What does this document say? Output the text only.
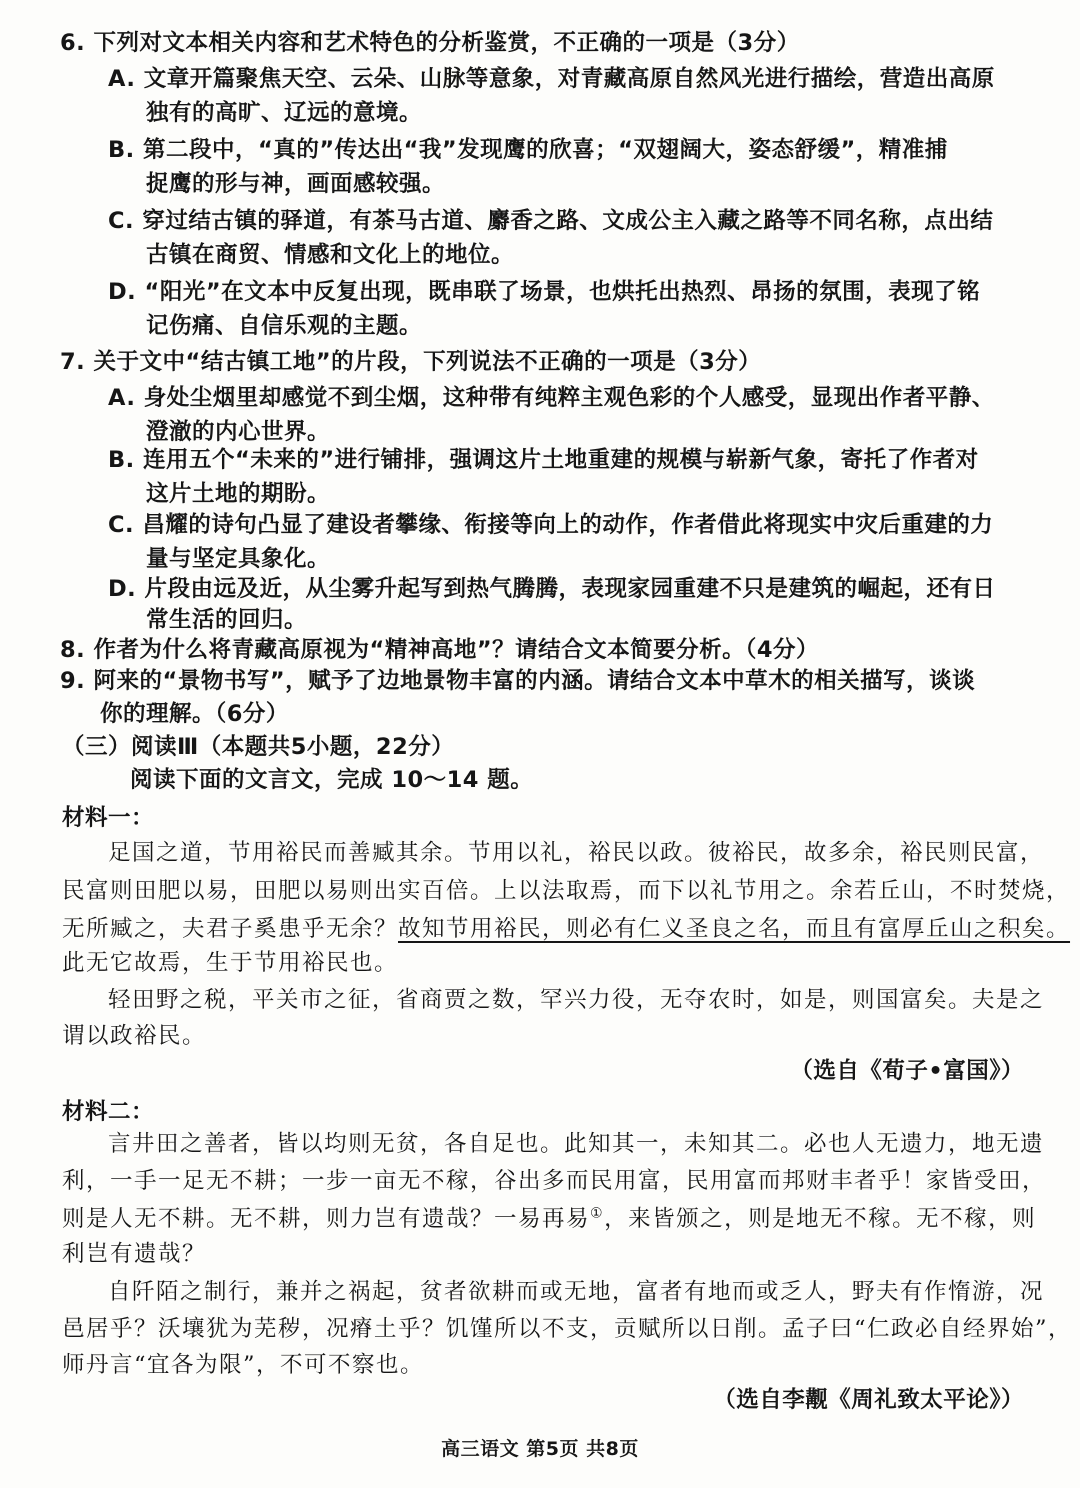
6. 下列对文本相关内容和艺术特色的分析鉴赏，不正确的一项是（3分）
A. 文章开篇聚焦天空、云朵、山脉等意象，对青藏高原自然风光进行描绘，营造出高原
独有的高旷、辽远的意境。
B. 第二段中，“真的”传达出“我”发现鹰的欣喜；“双翅阔大，姿态舒缓”，精准捕
捉鹰的形与神，画面感较强。
C. 穿过结古镇的驿道，有茶马古道、麝香之路、文成公主入藏之路等不同名称，点出结
古镇在商贸、情感和文化上的地位。
D. “阳光”在文本中反复出现，既串联了场景，也烘托出热烈、昂扬的氛围，表现了铭
记伤痛、自信乐观的主题。
7. 关于文中“结古镇工地”的片段，下列说法不正确的一项是（3分）
A. 身处尘烟里却感觉不到尘烟，这种带有纯粹主观色彩的个人感受，显现出作者平静、
澄澈的内心世界。
B. 连用五个“未来的”进行铺排，强调这片土地重建的规模与崭新气象，寄托了作者对
这片土地的期盼。
C. 昌耀的诗句凸显了建设者攀缘、衔接等向上的动作，作者借此将现实中灾后重建的力
量与坚定具象化。
D. 片段由远及近，从尘雾升起写到热气腾腾，表现家园重建不只是建筑的崛起，还有日
常生活的回归。
8. 作者为什么将青藏高原视为“精神高地”？请结合文本简要分析。（4分）
9. 阿来的“景物书写”，赋予了边地景物丰富的内涵。请结合文本中草木的相关描写，谈谈
你的理解。（6分）
（三）阅读Ⅲ（本题共5小题，22分）
阅读下面的文言文，完成 10～14 题。
材料一：
足国之道，节用裕民而善臧其余。节用以礼，裕民以政。彼裕民，故多余，裕民则民富，
民富则田肥以易，田肥以易则出实百倍。上以法取焉，而下以礼节用之。余若丘山，不时焚烧，
无所臧之，夫君子奚患乎无余？故知节用裕民，则必有仁义圣良之名，而且有富厚丘山之积矣。
此无它故焉，生于节用裕民也。
轻田野之税，平关市之征，省商贾之数，罕兴力役，无夺农时，如是，则国富矣。夫是之
谓以政裕民。
（选自《荀子•富国》）
材料二：
言井田之善者，皆以均则无贫，各自足也。此知其一，未知其二。必也人无遗力，地无遗
利，一手一足无不耕；一步一亩无不稼，谷出多而民用富，民用富而邦财丰者乎！家皆受田，
则是人无不耕。无不耕，则力岂有遗哉？一易再易①，来皆颁之，则是地无不稼。无不稼，则
利岂有遗哉？
自阡陌之制行，兼并之祸起，贫者欲耕而或无地，富者有地而或乏人，野夫有作惰游，况
邑居乎？沃壤犹为芜秽，况瘠土乎？饥馑所以不支，贡赋所以日削。孟子曰“仁政必自经界始”，
师丹言“宜各为限”，不可不察也。
（选自李觏《周礼致太平论》）
高三语文 第5页 共8页
